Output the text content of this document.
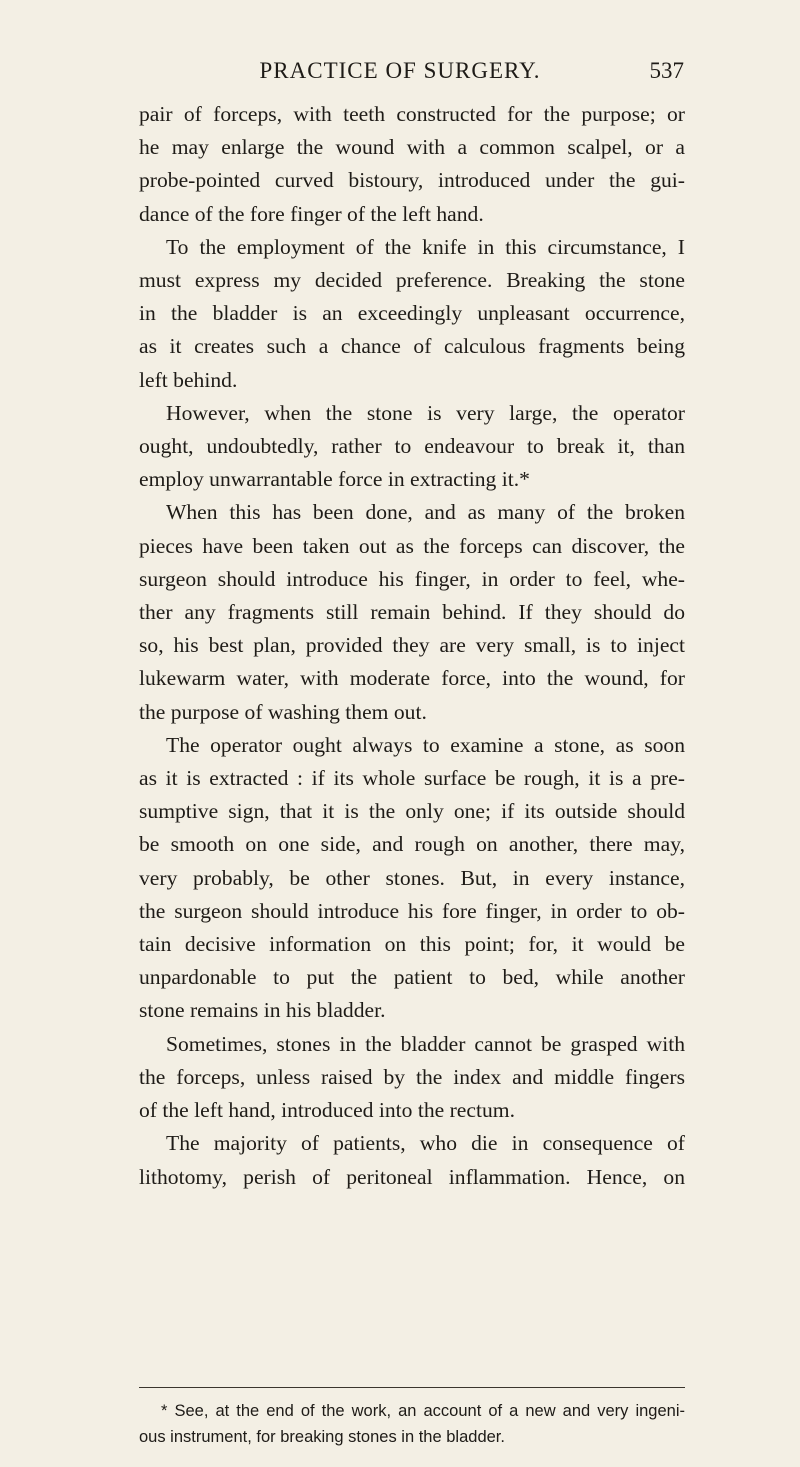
PRACTICE OF SURGERY.	537
pair of forceps, with teeth constructed for the purpose; or
he may enlarge the wound with a common scalpel, or a
probe-pointed curved bistoury, introduced under the gui-
dance of the fore finger of the left hand.
To the employment of the knife in this circumstance, I
must express my decided preference. Breaking the stone
in the bladder is an exceedingly unpleasant occurrence,
as it creates such a chance of calculous fragments being
left behind.
However, when the stone is very large, the operator
ought, undoubtedly, rather to endeavour to break it, than
employ unwarrantable force in extracting it.*
When this has been done, and as many of the broken
pieces have been taken out as the forceps can discover, the
surgeon should introduce his finger, in order to feel, whe-
ther any fragments still remain behind. If they should do
so, his best plan, provided they are very small, is to inject
lukewarm water, with moderate force, into the wound, for
the purpose of washing them out.
The operator ought always to examine a stone, as soon
as it is extracted : if its whole surface be rough, it is a pre-
sumptive sign, that it is the only one; if its outside should
be smooth on one side, and rough on another, there may,
very probably, be other stones. But, in every instance,
the surgeon should introduce his fore finger, in order to ob-
tain decisive information on this point; for, it would be
unpardonable to put the patient to bed, while another
stone remains in his bladder.
Sometimes, stones in the bladder cannot be grasped with
the forceps, unless raised by the index and middle fingers
of the left hand, introduced into the rectum.
The majority of patients, who die in consequence of
lithotomy, perish of peritoneal inflammation. Hence, on
* See, at the end of the work, an account of a new and very ingeni-
ous instrument, for breaking stones in the bladder.
